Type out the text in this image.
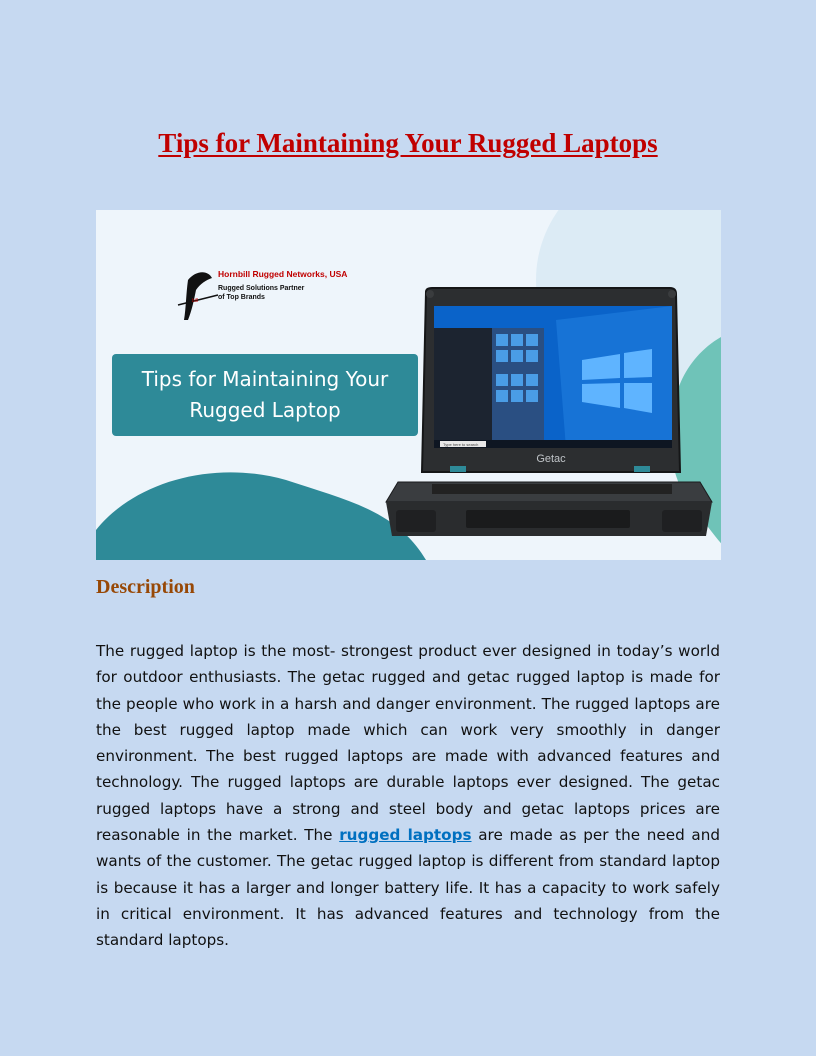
Tips for Maintaining Your Rugged Laptops
bill
Hornbill Rugged Networks, USA
Rugged Solutions Partner
of Top Brands
Tips for Maintaining Your
Rugged Laptop
Type here to search
Getac
Description

The rugged laptop is the most- strongest product ever designed in today’s world for outdoor enthusiasts. The getac rugged and getac rugged laptop is made for the people who work in a harsh and danger environment. The rugged laptops are the best rugged laptop made which can work very smoothly in danger environment. The best rugged laptops are made with advanced features and technology. The rugged laptops are durable laptops ever designed. The getac rugged laptops have a strong and steel body and getac laptops prices are reasonable in the market. The rugged laptops are made as per the need and wants of the customer. The getac rugged laptop is different from standard laptop is because it has a larger and longer battery life. It has a capacity to work safely in critical environment. It has advanced features and technology from the standard laptops.
